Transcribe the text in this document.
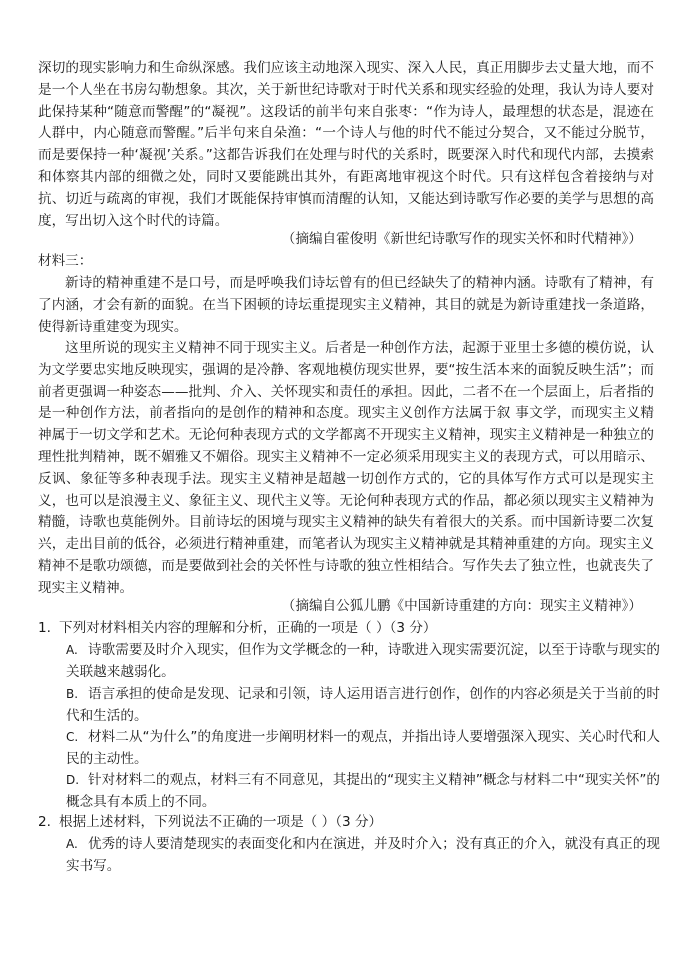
深切的现实影响力和生命纵深感。我们应该主动地深入现实、深入人民，真正用脚步去丈量大地，而不是一个人坐在书房勾勒想象。其次，关于新世纪诗歌对于时代关系和现实经验的处理，我认为诗人要对此保持某种“随意而警醒”的“凝视”。这段话的前半句来自张枣：“作为诗人，最理想的状态是，混迹在人群中，内心随意而警醒。”后半句来自朵渔：“一个诗人与他的时代不能过分契合，又不能过分脱节，而是要保持一种‘凝视’关系。”这都告诉我们在处理与时代的关系时，既要深入时代和现代内部，去摸索和体察其内部的细微之处，同时又要能跳出其外，有距离地审视这个时代。只有这样包含着接纳与对抗、切近与疏离的审视，我们才既能保持审慎而清醒的认知，又能达到诗歌写作必要的美学与思想的高度，写出切入这个时代的诗篇。
（摘编自霍俊明《新世纪诗歌写作的现实关怀和时代精神》）
材料三：
新诗的精神重建不是口号，而是呼唤我们诗坛曾有的但已经缺失了的精神内涵。诗歌有了精神，有了内涵，才会有新的面貌。在当下困顿的诗坛重提现实主义精神，其目的就是为新诗重建找一条道路，使得新诗重建变为现实。
这里所说的现实主义精神不同于现实主义。后者是一种创作方法，起源于亚里士多德的模仿说，认为文学要忠实地反映现实，强调的是冷静、客观地模仿现实世界，要“按生活本来的面貌反映生活”；而前者更强调一种姿态——批判、介入、关怀现实和责任的承担。因此，二者不在一个层面上，后者指的是一种创作方法，前者指向的是创作的精神和态度。现实主义创作方法属于叙 事文学，而现实主义精神属于一切文学和艺术。无论何种表现方式的文学都离不开现实主义精神，现实主义精神是一种独立的理性批判精神，既不媚雅又不媚俗。现实主义精神不一定必须采用现实主义的表现方式，可以用暗示、反讽、象征等多种表现手法。现实主义精神是超越一切创作方式的，它的具体写作方式可以是现实主义，也可以是浪漫主义、象征主义、现代主义等。无论何种表现方式的作品，都必须以现实主义精神为精髓，诗歌也莫能例外。目前诗坛的困境与现实主义精神的缺失有着很大的关系。而中国新诗要二次复兴，走出目前的低谷，必须进行精神重建，而笔者认为现实主义精神就是其精神重建的方向。现实主义精神不是歌功颂德，而是要做到社会的关怀性与诗歌的独立性相结合。写作失去了独立性，也就丧失了现实主义精神。
（摘编自公狐儿鹏《中国新诗重建的方向：现实主义精神》）
1. 下列对材料相关内容的理解和分析，正确的一项是（ ）（3 分）
A. 诗歌需要及时介入现实，但作为文学概念的一种，诗歌进入现实需要沉淀，以至于诗歌与现实的关联越来越弱化。
B. 语言承担的使命是发现、记录和引领，诗人运用语言进行创作，创作的内容必须是关于当前的时代和生活的。
C. 材料二从“为什么”的角度进一步阐明材料一的观点，并指出诗人要增强深入现实、关心时代和人民的主动性。
D. 针对材料二的观点，材料三有不同意见，其提出的“现实主义精神”概念与材料二中“现实关怀”的概念具有本质上的不同。
2. 根据上述材料，下列说法不正确的一项是（ ）（3 分）
A. 优秀的诗人要清楚现实的表面变化和内在演进，并及时介入；没有真正的介入，就没有真正的现实书写。
